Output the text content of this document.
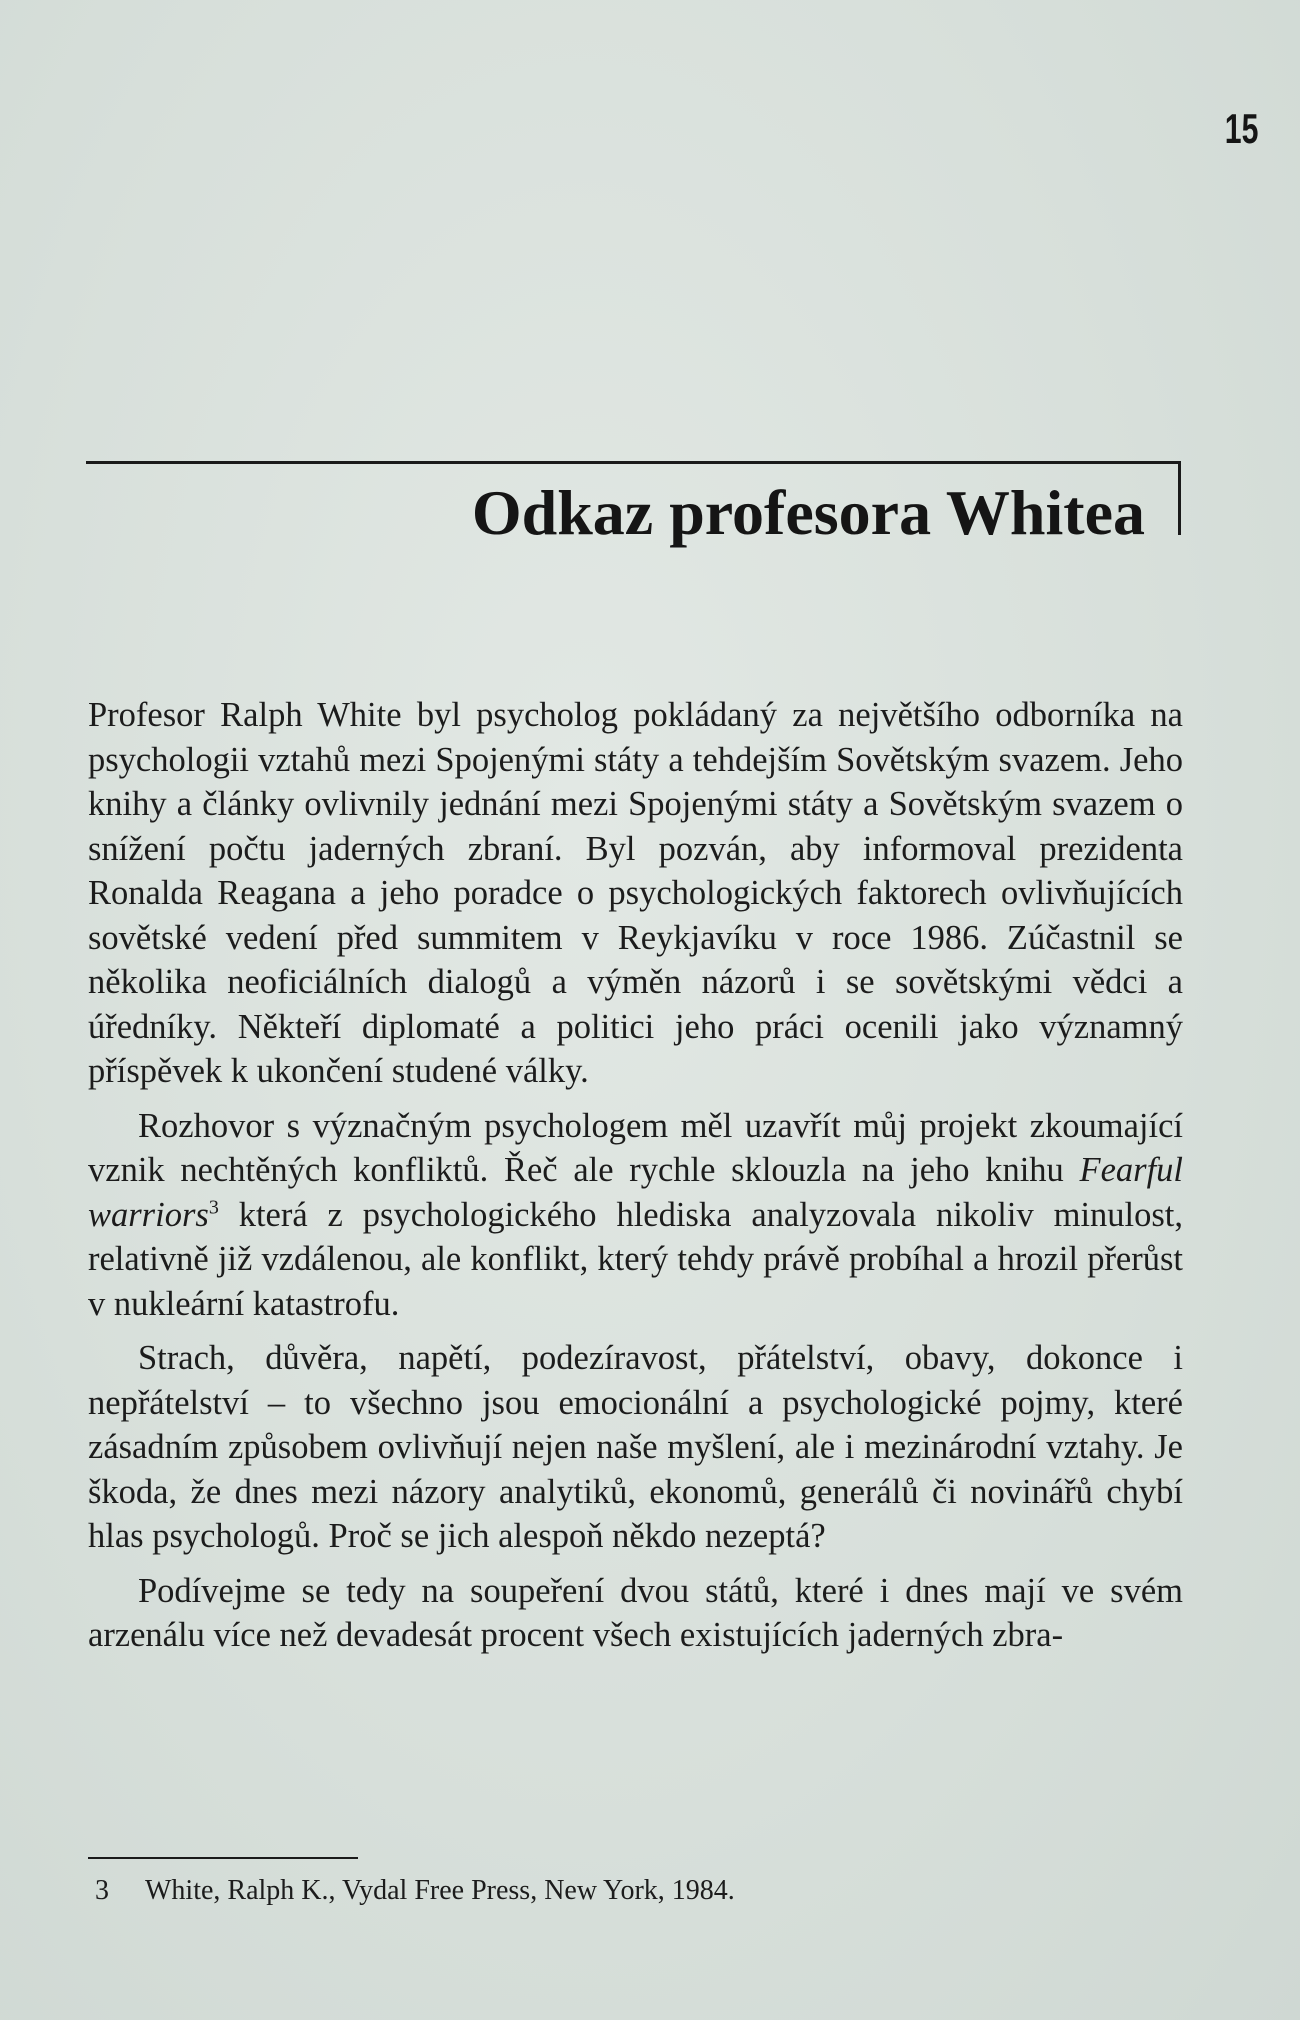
15
Odkaz profesora Whitea

Profesor Ralph White byl psycholog pokládaný za největšího odborníka na psychologii vztahů mezi Spojenými státy a tehdejším Sovětským svazem. Jeho knihy a články ovlivnily jednání mezi Spojenými státy a Sovětským svazem o snížení počtu jaderných zbraní. Byl pozván, aby informoval prezidenta Ronalda Reagana a jeho poradce o psychologických faktorech ovlivňujících sovětské vedení před summitem v Reykjavíku v roce 1986. Zúčastnil se několika neoficiálních dialogů a výměn názorů i se sovětskými vědci a úředníky. Někteří diplomaté a politici jeho práci ocenili jako významný příspěvek k ukončení studené války.

Rozhovor s význačným psychologem měl uzavřít můj projekt zkoumající vznik nechtěných konfliktů. Řeč ale rychle sklouzla na jeho knihu Fearful warriors$^3$ která z psychologického hlediska analyzovala nikoliv minulost, relativně již vzdálenou, ale konflikt, který tehdy právě probíhal a hrozil přerůst v nukleární katastrofu.

Strach, důvěra, napětí, podezíravost, přátelství, obavy, dokonce i nepřátelství – to všechno jsou emocionální a psychologické pojmy, které zásadním způsobem ovlivňují nejen naše myšlení, ale i mezinárodní vztahy. Je škoda, že dnes mezi názory analytiků, ekonomů, generálů či novinářů chybí hlas psychologů. Proč se jich alespoň někdo nezeptá?

Podívejme se tedy na soupeření dvou států, které i dnes mají ve svém arzenálu více než devadesát procent všech existujících jaderných zbra-

3 White, Ralph K., Vydal Free Press, New York, 1984.
